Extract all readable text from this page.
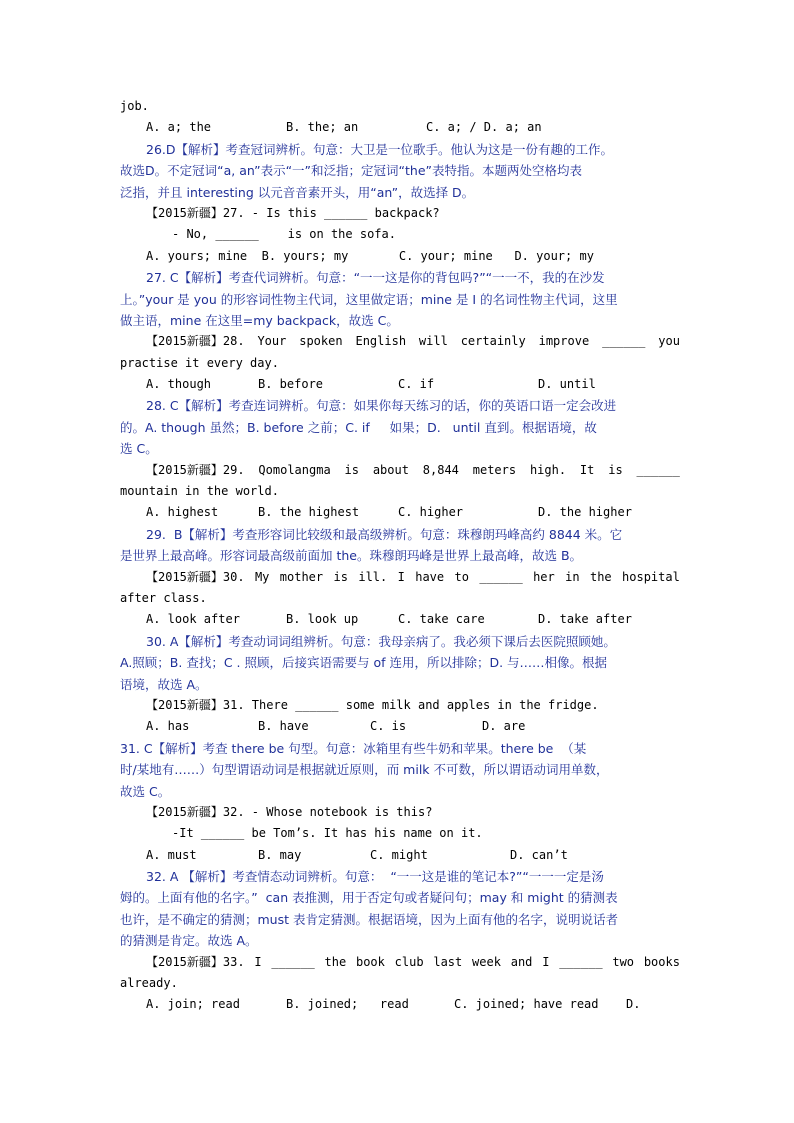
job.
A. a; the	B. the; an	C. a; / D. a; an
26.D【解析】考查冠词辨析。句意：大卫是一位歌手。他认为这是一份有趣的工作。
故选D。不定冠词“a, an”表示“一”和泛指；定冠词“the”表特指。本题两处空格均表
泛指，并且 interesting 以元音音素开头，用“an”，故选择 D。
【2015新疆】27. - Is this ______ backpack?
- No, ______    is on the sofa.
A. yours; mine  B. yours; my       C. your; mine   D. your; my
27. C【解析】考查代词辨析。句意：“一一这是你的背包吗?”“一一不，我的在沙发
上。”your 是 you 的形容词性物主代词，这里做定语；mine 是 I 的名词性物主代词，这里
做主语，mine 在这里=my backpack，故选 C。
【2015新疆】28. Your spoken English will certainly improve ______ you
practise it every day.
A. though	B. before	C. if	D. until
28. C【解析】考查连词辨析。句意：如果你每天练习的话，你的英语口语一定会改进
的。A. though 虽然；B. before 之前；C. if     如果；D.   until 直到。根据语境，故
选 C。
【2015新疆】29. Qomolangma is about 8,844 meters high. It is ______
mountain in the world.
A. highest	B. the highest	C. higher	D. the higher
29.  B【解析】考查形容词比较级和最高级辨析。句意：珠穆朗玛峰高约 8844 米。它
是世界上最高峰。形容词最高级前面加 the。珠穆朗玛峰是世界上最高峰，故选 B。
【2015新疆】30. My mother is ill. I have to ______ her in the hospital
after class.
A. look after	B. look up	C. take care	D. take after
30. A【解析】考查动词词组辨析。句意：我母亲病了。我必须下课后去医院照顾她。
A.照顾；B. 查找；C . 照顾，后接宾语需要与 of 连用，所以排除；D. 与……相像。根据
语境，故选 A。
【2015新疆】31. There ______ some milk and apples in the fridge.
A. has	B. have	C. is	D. are
31. C【解析】考查 there be 句型。句意：冰箱里有些牛奶和苹果。there be  （某
时/某地有……）句型谓语动词是根据就近原则，而 milk 不可数，所以谓语动词用单数，
故选 C。
【2015新疆】32. - Whose notebook is this?
-It ______ be Tom’s. It has his name on it.
A. must	B. may	C. might	D. can’t
32. A 【解析】考查情态动词辨析。句意：  “一一这是谁的笔记本?”“一一一定是汤
姆的。上面有他的名字。”  can 表推测，用于否定句或者疑问句；may 和 might 的猜测表
也许，是不确定的猜测；must 表肯定猜测。根据语境，因为上面有他的名字，说明说话者
的猜测是肯定。故选 A。
【2015新疆】33. I ______ the book club last week and I ______ two books
already.
A. join; read	B. joined;   read	C. joined; have read	D.
